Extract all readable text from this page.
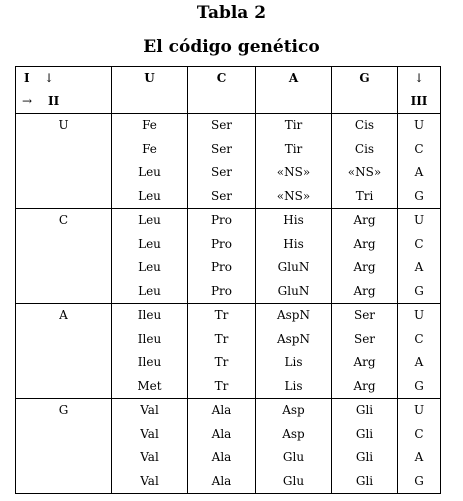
Tabla 2
El código genético
I ↓
→ II	U	C	A	G	↓
III

U	Fe	Ser	Tir	Cis	U
	Fe	Ser	Tir	Cis	C
	Leu	Ser	«NS»	«NS»	A
	Leu	Ser	«NS»	Tri	G
C	Leu	Pro	His	Arg	U
	Leu	Pro	His	Arg	C
	Leu	Pro	GluN	Arg	A
	Leu	Pro	GluN	Arg	G
A	Ileu	Tr	AspN	Ser	U
	Ileu	Tr	AspN	Ser	C
	Ileu	Tr	Lis	Arg	A
	Met	Tr	Lis	Arg	G
G	Val	Ala	Asp	Gli	U
	Val	Ala	Asp	Gli	C
	Val	Ala	Glu	Gli	A
	Val	Ala	Glu	Gli	G
